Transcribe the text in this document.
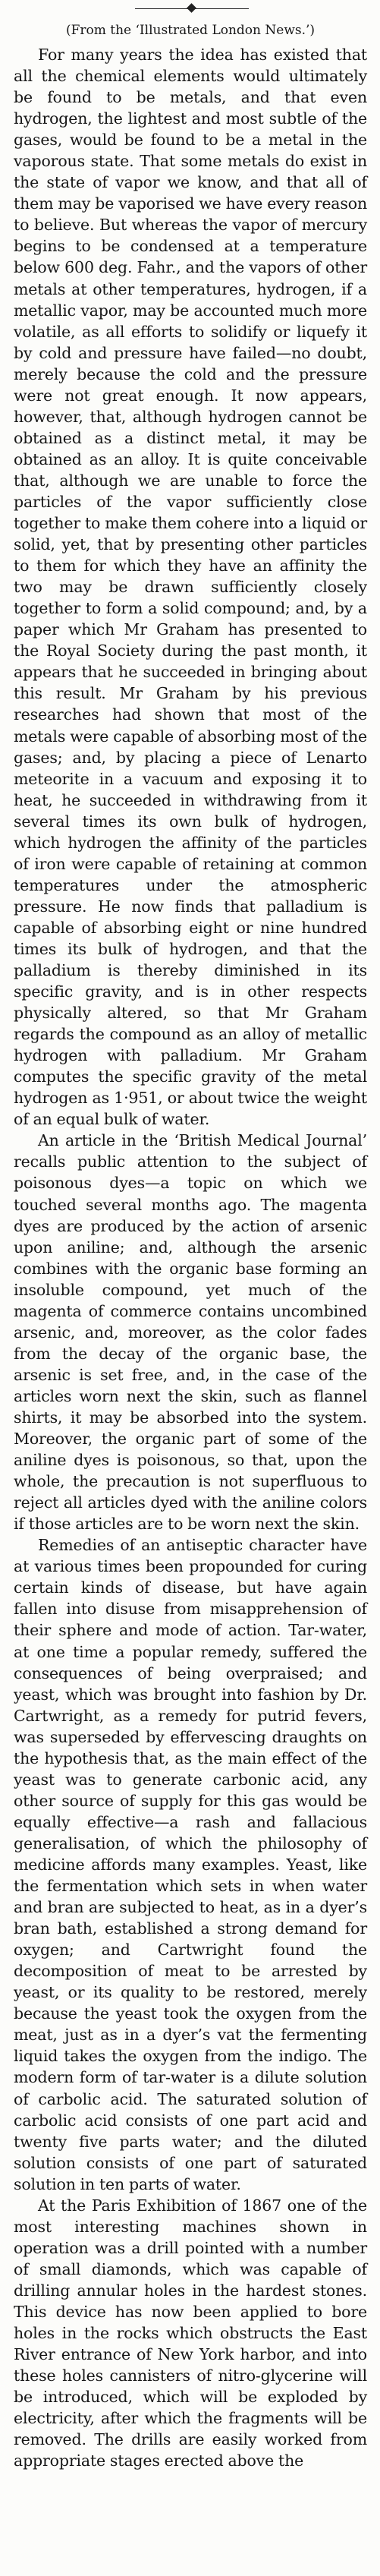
(From the ‘Illustrated London News.’)

For many years the idea has existed that all the chemical elements would ultimately be found to be metals, and that even hydrogen, the lightest and most subtle of the gases, would be found to be a metal in the vaporous state. That some metals do exist in the state of vapor we know, and that all of them may be vaporised we have every reason to believe. But whereas the vapor of mercury begins to be condensed at a temperature below 600 deg. Fahr., and the vapors of other metals at other temperatures, hydrogen, if a metallic vapor, may be accounted much more volatile, as all efforts to solidify or liquefy it by cold and pressure have failed—no doubt, merely because the cold and the pressure were not great enough. It now appears, however, that, although hydrogen cannot be obtained as a distinct metal, it may be obtained as an alloy. It is quite conceivable that, although we are unable to force the particles of the vapor sufficiently close together to make them cohere into a liquid or solid, yet, that by presenting other particles to them for which they have an affinity the two may be drawn sufficiently closely together to form a solid compound; and, by a paper which Mr Graham has presented to the Royal Society during the past month, it appears that he succeeded in bringing about this result. Mr Graham by his previous researches had shown that most of the metals were capable of absorbing most of the gases; and, by placing a piece of Lenarto meteorite in a vacuum and exposing it to heat, he succeeded in withdrawing from it several times its own bulk of hydrogen, which hydrogen the affinity of the particles of iron were capable of retaining at common temperatures under the atmospheric pressure. He now finds that palladium is capable of absorbing eight or nine hundred times its bulk of hydrogen, and that the palladium is thereby diminished in its specific gravity, and is in other respects physically altered, so that Mr Graham regards the compound as an alloy of metallic hydrogen with palladium. Mr Graham computes the specific gravity of the metal hydrogen as 1·951, or about twice the weight of an equal bulk of water.

An article in the ‘British Medical Journal’ recalls public attention to the subject of poisonous dyes—a topic on which we touched several months ago. The magenta dyes are produced by the action of arsenic upon aniline; and, although the arsenic combines with the organic base forming an insoluble compound, yet much of the magenta of commerce contains uncombined arsenic, and, moreover, as the color fades from the decay of the organic base, the arsenic is set free, and, in the case of the articles worn next the skin, such as flannel shirts, it may be absorbed into the system. Moreover, the organic part of some of the aniline dyes is poisonous, so that, upon the whole, the precaution is not superfluous to reject all articles dyed with the aniline colors if those articles are to be worn next the skin.

Remedies of an antiseptic character have at various times been propounded for curing certain kinds of disease, but have again fallen into disuse from misapprehension of their sphere and mode of action. Tar-water, at one time a popular remedy, suffered the consequences of being overpraised; and yeast, which was brought into fashion by Dr. Cartwright, as a remedy for putrid fevers, was superseded by effervescing draughts on the hypothesis that, as the main effect of the yeast was to generate carbonic acid, any other source of supply for this gas would be equally effective—a rash and fallacious generalisation, of which the philosophy of medicine affords many examples. Yeast, like the fermentation which sets in when water and bran are subjected to heat, as in a dyer’s bran bath, established a strong demand for oxygen; and Cartwright found the decomposition of meat to be arrested by yeast, or its quality to be restored, merely because the yeast took the oxygen from the meat, just as in a dyer’s vat the fermenting liquid takes the oxygen from the indigo. The modern form of tar-water is a dilute solution of carbolic acid. The saturated solution of carbolic acid consists of one part acid and twenty five parts water; and the diluted solution consists of one part of saturated solution in ten parts of water.

At the Paris Exhibition of 1867 one of the most interesting machines shown in operation was a drill pointed with a number of small diamonds, which was capable of drilling annular holes in the hardest stones. This device has now been applied to bore holes in the rocks which obstructs the East River entrance of New York harbor, and into these holes cannisters of nitro-glycerine will be introduced, which will be exploded by electricity, after which the fragments will be removed. The drills are easily worked from appropriate stages erected above the
